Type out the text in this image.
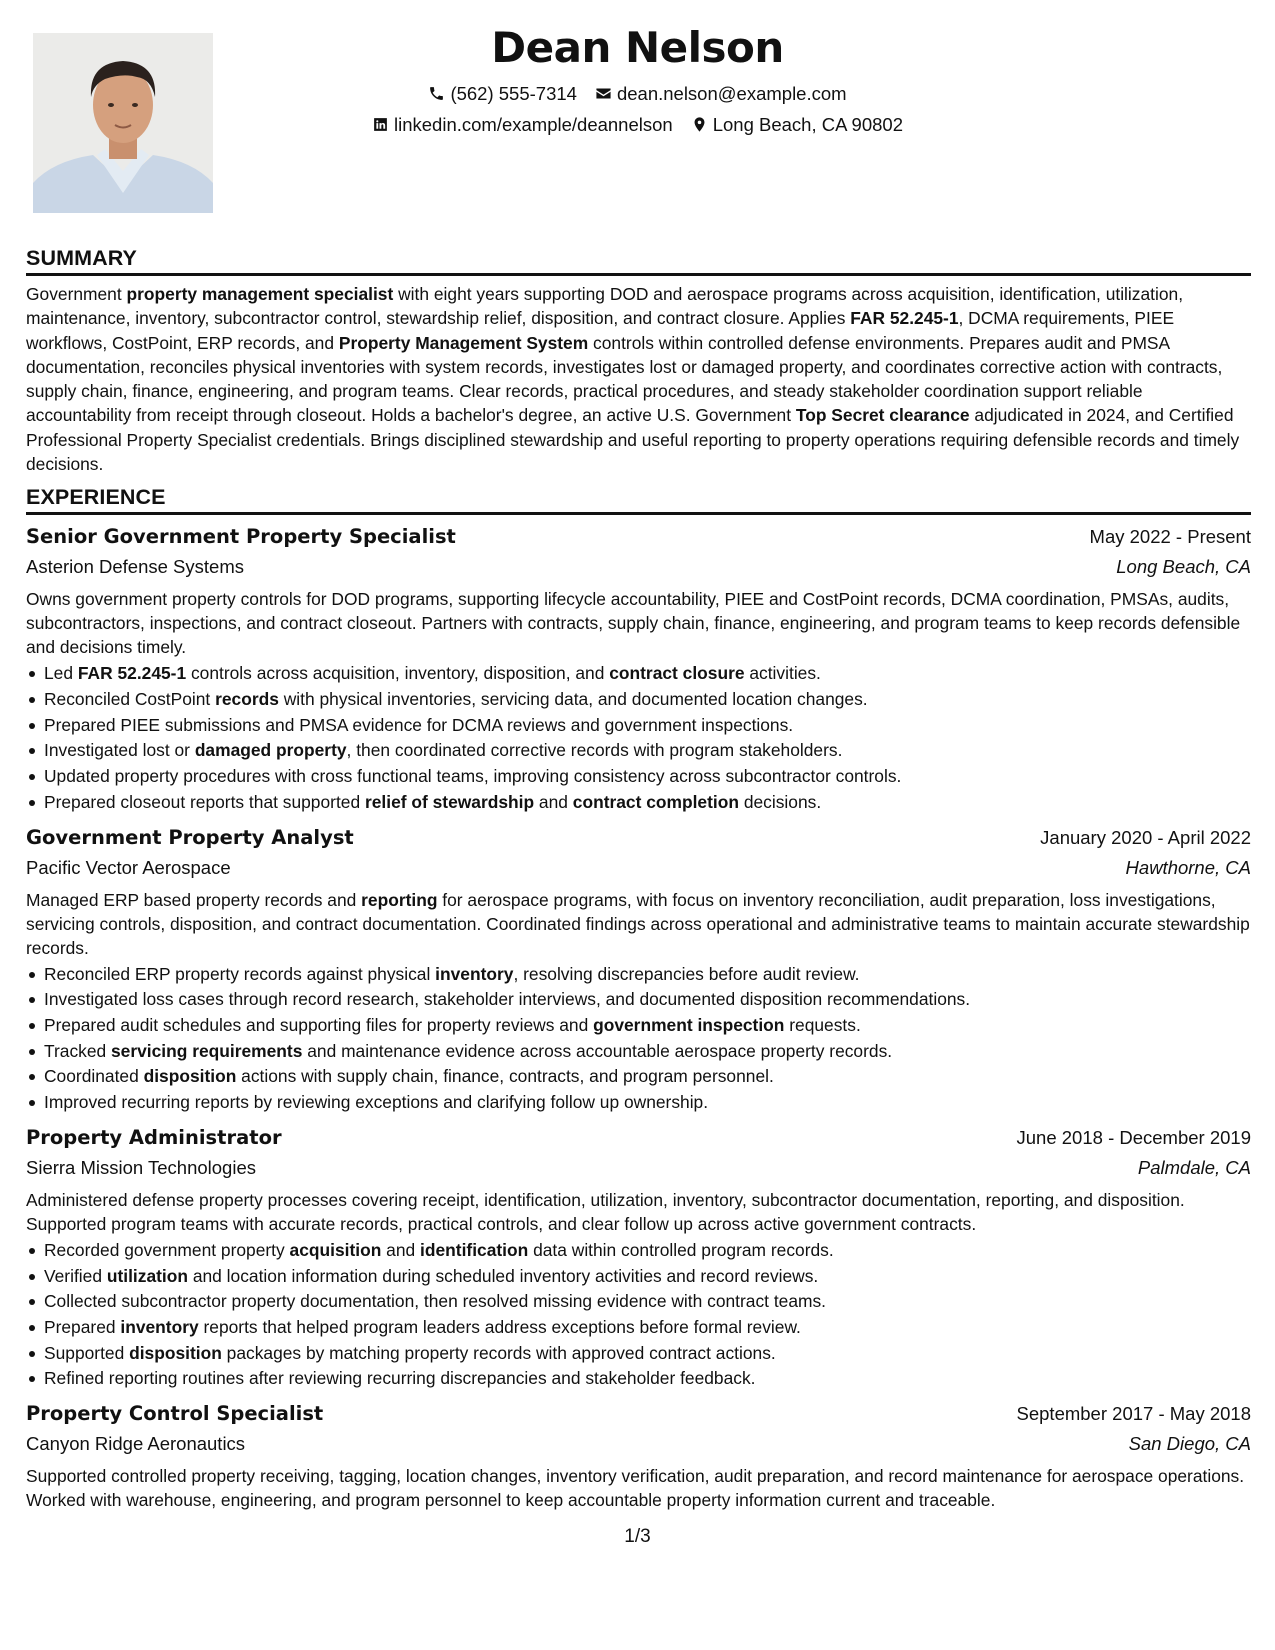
Dean Nelson
(562) 555-7314 dean.nelson@example.com
linkedin.com/example/deannelson Long Beach, CA 90802
SUMMARY

Government property management specialist with eight years supporting DOD and aerospace programs across acquisition, identification, utilization, maintenance, inventory, subcontractor control, stewardship relief, disposition, and contract closure. Applies FAR 52.245-1, DCMA requirements, PIEE workflows, CostPoint, ERP records, and Property Management System controls within controlled defense environments. Prepares audit and PMSA documentation, reconciles physical inventories with system records, investigates lost or damaged property, and coordinates corrective action with contracts, supply chain, finance, engineering, and program teams. Clear records, practical procedures, and steady stakeholder coordination support reliable accountability from receipt through closeout. Holds a bachelor's degree, an active U.S. Government Top Secret clearance adjudicated in 2024, and Certified Professional Property Specialist credentials. Brings disciplined stewardship and useful reporting to property operations requiring defensible records and timely decisions.

EXPERIENCE
Senior Government Property Specialist	May 2022 - Present
Asterion Defense Systems	Long Beach, CA

Owns government property controls for DOD programs, supporting lifecycle accountability, PIEE and CostPoint records, DCMA coordination, PMSAs, audits, subcontractors, inspections, and contract closeout. Partners with contracts, supply chain, finance, engineering, and program teams to keep records defensible and decisions timely.

Led FAR 52.245-1 controls across acquisition, inventory, disposition, and contract closure activities.
Reconciled CostPoint records with physical inventories, servicing data, and documented location changes.
Prepared PIEE submissions and PMSA evidence for DCMA reviews and government inspections.
Investigated lost or damaged property, then coordinated corrective records with program stakeholders.
Updated property procedures with cross functional teams, improving consistency across subcontractor controls.
Prepared closeout reports that supported relief of stewardship and contract completion decisions.
Government Property Analyst	January 2020 - April 2022
Pacific Vector Aerospace	Hawthorne, CA

Managed ERP based property records and reporting for aerospace programs, with focus on inventory reconciliation, audit preparation, loss investigations, servicing controls, disposition, and contract documentation. Coordinated findings across operational and administrative teams to maintain accurate stewardship records.

Reconciled ERP property records against physical inventory, resolving discrepancies before audit review.
Investigated loss cases through record research, stakeholder interviews, and documented disposition recommendations.
Prepared audit schedules and supporting files for property reviews and government inspection requests.
Tracked servicing requirements and maintenance evidence across accountable aerospace property records.
Coordinated disposition actions with supply chain, finance, contracts, and program personnel.
Improved recurring reports by reviewing exceptions and clarifying follow up ownership.
Property Administrator	June 2018 - December 2019
Sierra Mission Technologies	Palmdale, CA

Administered defense property processes covering receipt, identification, utilization, inventory, subcontractor documentation, reporting, and disposition. Supported program teams with accurate records, practical controls, and clear follow up across active government contracts.

Recorded government property acquisition and identification data within controlled program records.
Verified utilization and location information during scheduled inventory activities and record reviews.
Collected subcontractor property documentation, then resolved missing evidence with contract teams.
Prepared inventory reports that helped program leaders address exceptions before formal review.
Supported disposition packages by matching property records with approved contract actions.
Refined reporting routines after reviewing recurring discrepancies and stakeholder feedback.
Property Control Specialist	September 2017 - May 2018
Canyon Ridge Aeronautics	San Diego, CA

Supported controlled property receiving, tagging, location changes, inventory verification, audit preparation, and record maintenance for aerospace operations. Worked with warehouse, engineering, and program personnel to keep accountable property information current and traceable.

1/3
